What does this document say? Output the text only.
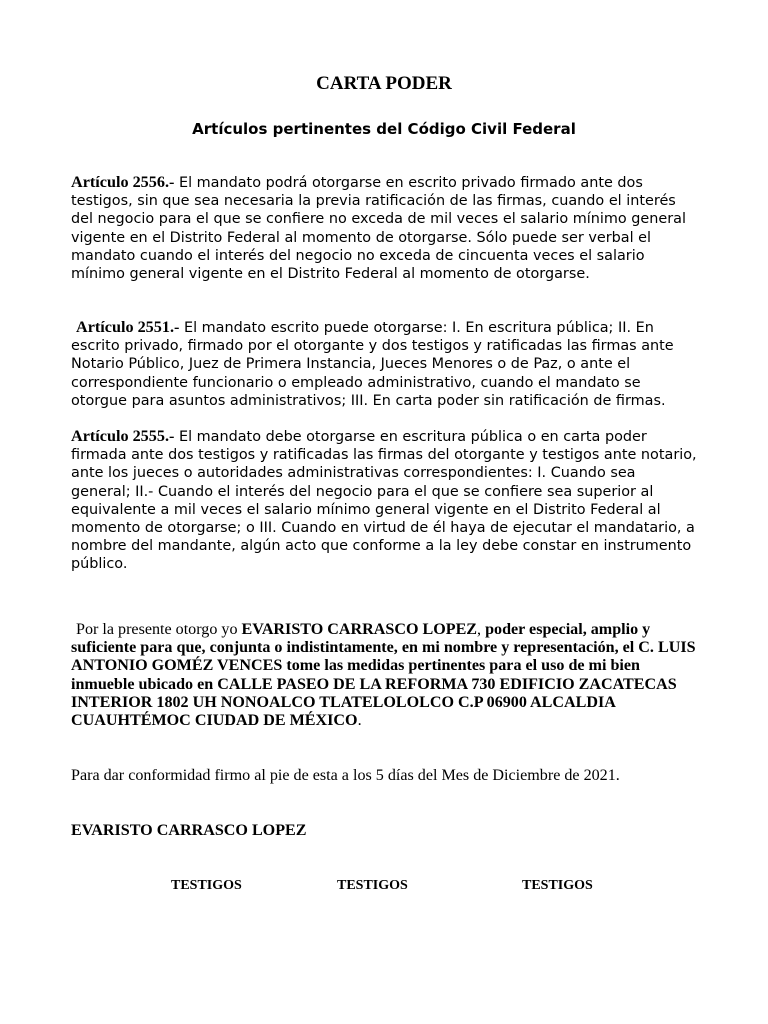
CARTA PODER
Artículos pertinentes del Código Civil Federal

Artículo 2556.- El mandato podrá otorgarse en escrito privado firmado ante dos testigos, sin que sea necesaria la previa ratificación de las firmas, cuando el interés del negocio para el que se confiere no exceda de mil veces el salario mínimo general vigente en el Distrito Federal al momento de otorgarse. Sólo puede ser verbal el mandato cuando el interés del negocio no exceda de cincuenta veces el salario mínimo general vigente en el Distrito Federal al momento de otorgarse.

Artículo 2551.- El mandato escrito puede otorgarse: I. En escritura pública; II. En escrito privado, firmado por el otorgante y dos testigos y ratificadas las firmas ante Notario Público, Juez de Primera Instancia, Jueces Menores o de Paz, o ante el correspondiente funcionario o empleado administrativo, cuando el mandato se otorgue para asuntos administrativos; III. En carta poder sin ratificación de firmas.

Artículo 2555.- El mandato debe otorgarse en escritura pública o en carta poder firmada ante dos testigos y ratificadas las firmas del otorgante y testigos ante notario, ante los jueces o autoridades administrativas correspondientes: I. Cuando sea general; II.- Cuando el interés del negocio para el que se confiere sea superior al equivalente a mil veces el salario mínimo general vigente en el Distrito Federal al momento de otorgarse; o III. Cuando en virtud de él haya de ejecutar el mandatario, a nombre del mandante, algún acto que conforme a la ley debe constar en instrumento público.

Por la presente otorgo yo EVARISTO CARRASCO LOPEZ, poder especial, amplio y suficiente para que, conjunta o indistintamente, en mi nombre y representación, el C. LUIS ANTONIO GOMÉZ VENCES tome las medidas pertinentes para el uso de mi bien inmueble ubicado en CALLE PASEO DE LA REFORMA 730 EDIFICIO ZACATECAS INTERIOR 1802 UH NONOALCO TLATELOLOLCO C.P 06900 ALCALDIA CUAUHTÉMOC CIUDAD DE MÉXICO.

Para dar conformidad firmo al pie de esta a los 5 días del Mes de Diciembre de 2021.

EVARISTO CARRASCO LOPEZ

TESTIGOS	TESTIGOS	TESTIGOS
